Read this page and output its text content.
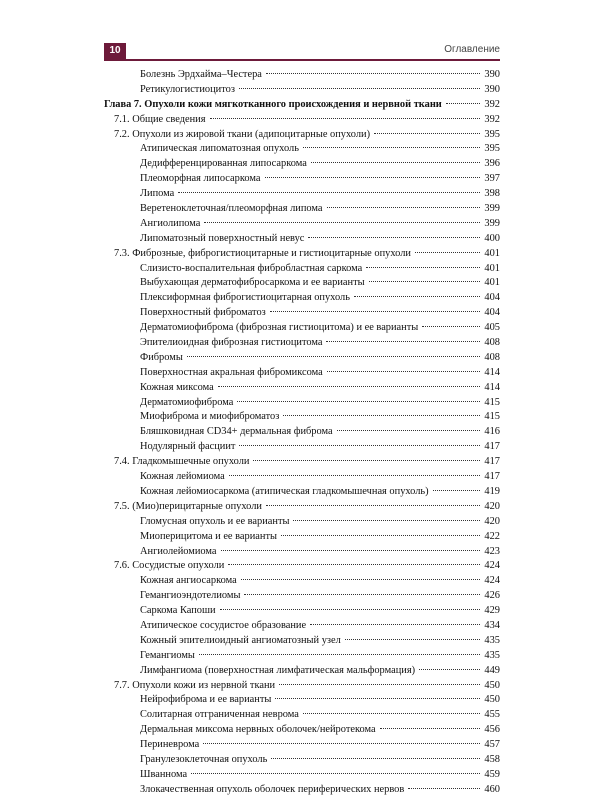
10	Оглавление
Болезнь Эрдхайма–Честера	390
Ретикулогистиоцитоз	390
Глава 7. Опухоли кожи мягкотканного происхождения и нервной ткани	392
7.1. Общие сведения	392
7.2. Опухоли из жировой ткани (адипоцитарные опухоли)	395
Атипическая липоматозная опухоль	395
Дедифференцированная липосаркома	396
Плеоморфная липосаркома	397
Липома	398
Веретеноклеточная/плеоморфная липома	399
Ангиолипома	399
Липоматозный поверхностный невус	400
7.3. Фиброзные, фиброгистиоцитарные и гистиоцитарные опухоли	401
Слизисто-воспалительная фибробластная саркома	401
Выбухающая дерматофибросаркома и ее варианты	401
Плексиформная фиброгистиоцитарная опухоль	404
Поверхностный фиброматоз	404
Дерматомиофиброма (фиброзная гистиоцитома) и ее варианты	405
Эпителиоидная фиброзная гистиоцитома	408
Фибромы	408
Поверхностная акральная фибромиксома	414
Кожная миксома	414
Дерматомиофиброма	415
Миофиброма и миофиброматоз	415
Бляшковидная CD34+ дермальная фиброма	416
Нодулярный фасциит	417
7.4. Гладкомышечные опухоли	417
Кожная лейомиома	417
Кожная лейомиосаркома (атипическая гладкомышечная опухоль)	419
7.5. (Мио)перицитарные опухоли	420
Гломусная опухоль и ее варианты	420
Миоперицитома и ее варианты	422
Ангиолейомиома	423
7.6. Сосудистые опухоли	424
Кожная ангиосаркома	424
Гемангиоэндотелиомы	426
Саркома Капоши	429
Атипическое сосудистое образование	434
Кожный эпителиоидный ангиоматозный узел	435
Гемангиомы	435
Лимфангиома (поверхностная лимфатическая мальформация)	449
7.7. Опухоли кожи из нервной ткани	450
Нейрофиброма и ее варианты	450
Солитарная отграниченная неврома	455
Дермальная миксома нервных оболочек/нейротекома	456
Периневрома	457
Гранулезоклеточная опухоль	458
Шваннома	459
Злокачественная опухоль оболочек периферических нервов	460
